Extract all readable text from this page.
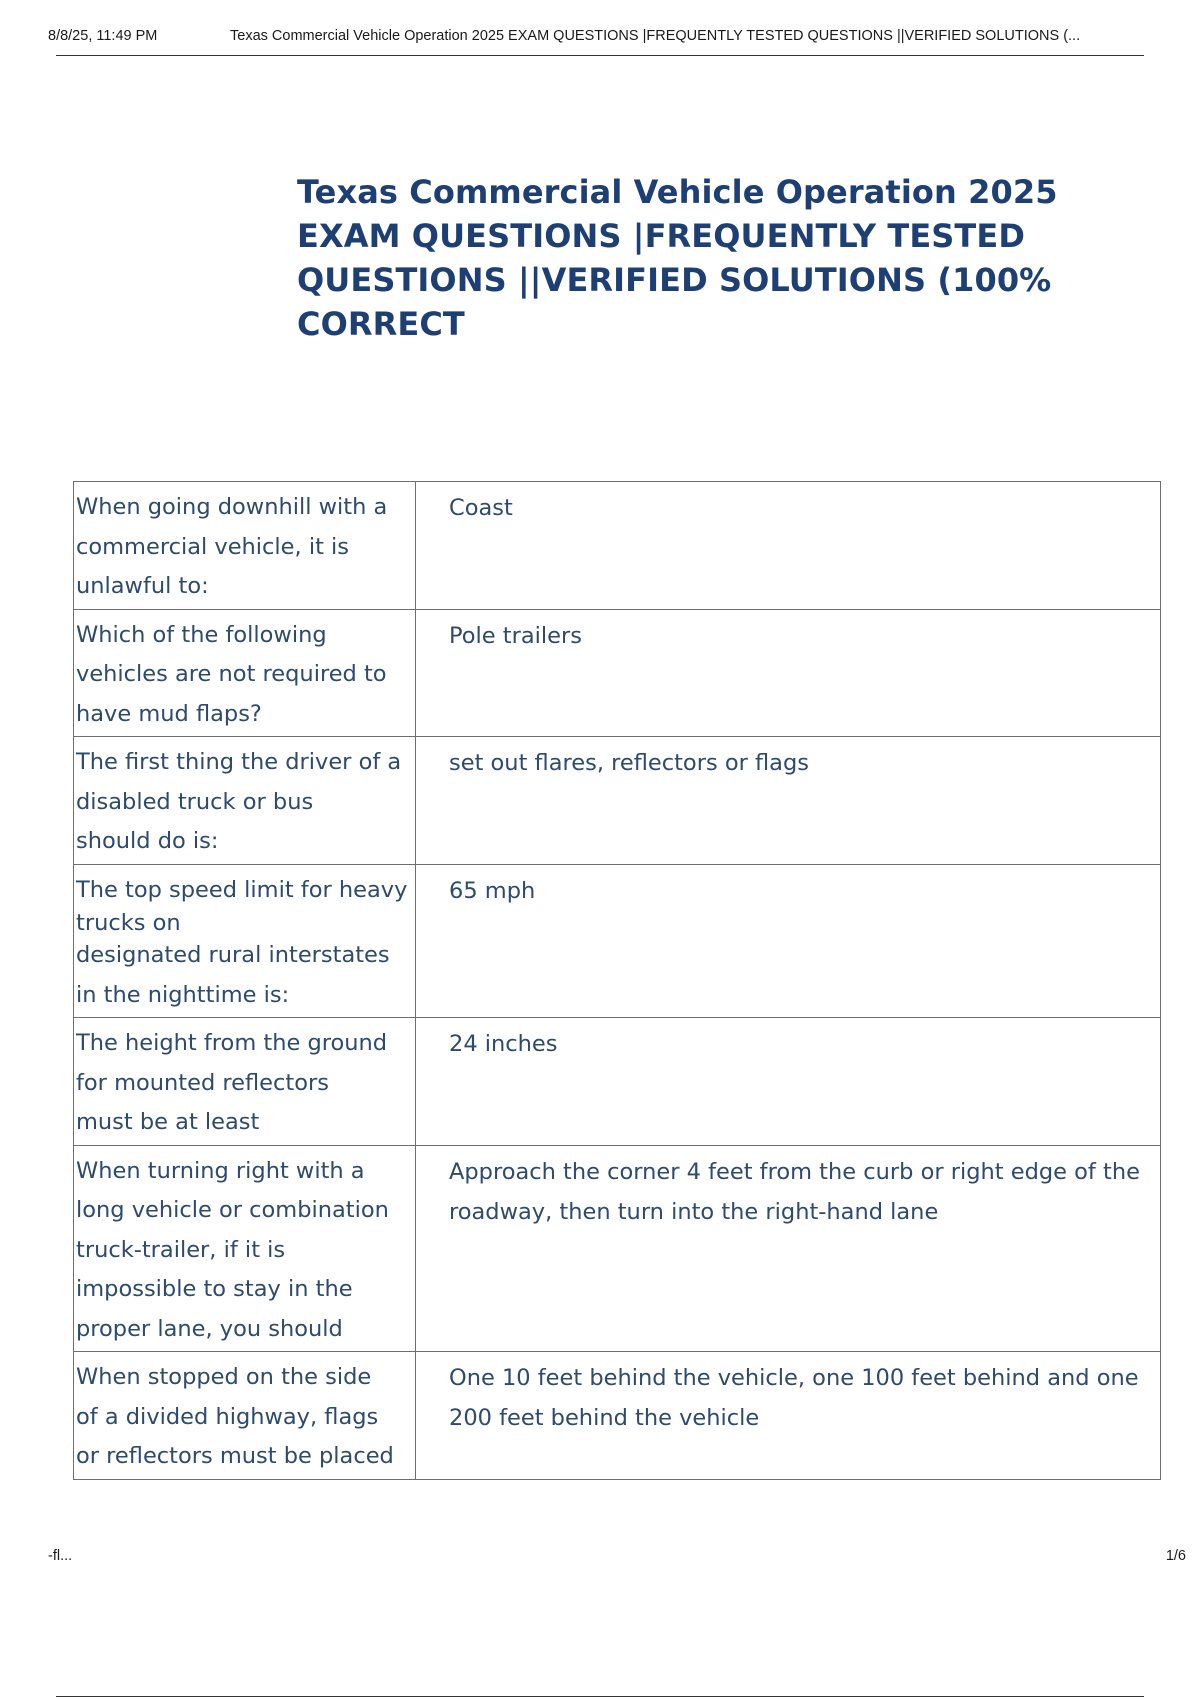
8/8/25, 11:49 PM	Texas Commercial Vehicle Operation 2025 EXAM QUESTIONS |FREQUENTLY TESTED QUESTIONS ||VERIFIED SOLUTIONS (...
Texas Commercial Vehicle Operation 2025 EXAM QUESTIONS |FREQUENTLY TESTED QUESTIONS ||VERIFIED SOLUTIONS (100% CORRECT
When going downhill with a
commercial vehicle, it is
unlawful to:	Coast

Which of the following
vehicles are not required to
have mud flaps?	Pole trailers

The first thing the driver of a
disabled truck or bus
should do is:	set out flares, reflectors or flags

The top speed limit for heavy
trucks on
designated rural interstates
in the nighttime is:	65 mph

The height from the ground
for mounted reflectors
must be at least	24 inches

When turning right with a
long vehicle or combination
truck-trailer, if it is
impossible to stay in the
proper lane, you should	Approach the corner 4 feet from the curb or right edge of the roadway, then turn into the right-hand lane

When stopped on the side
of a divided highway, flags
or reflectors must be placed	One 10 feet behind the vehicle, one 100 feet behind and one 200 feet behind the vehicle
-fl...	1/6
